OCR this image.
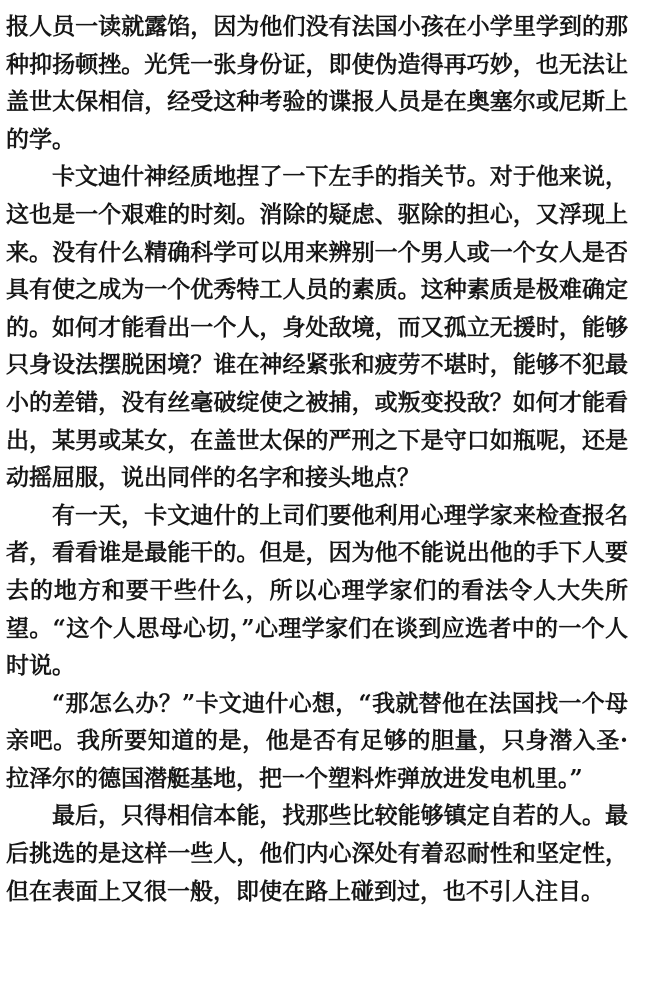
报人员一读就露馅，因为他们没有法国小孩在小学里学到的那种抑扬顿挫。光凭一张身份证，即使伪造得再巧妙，也无法让盖世太保相信，经受这种考验的谍报人员是在奥塞尔或尼斯上的学。

卡文迪什神经质地捏了一下左手的指关节。对于他来说，这也是一个艰难的时刻。消除的疑虑、驱除的担心，又浮现上来。没有什么精确科学可以用来辨别一个男人或一个女人是否具有使之成为一个优秀特工人员的素质。这种素质是极难确定的。如何才能看出一个人，身处敌境，而又孤立无援时，能够只身设法摆脱困境？谁在神经紧张和疲劳不堪时，能够不犯最小的差错，没有丝毫破绽使之被捕，或叛变投敌？如何才能看出，某男或某女，在盖世太保的严刑之下是守口如瓶呢，还是动摇屈服，说出同伴的名字和接头地点？

有一天，卡文迪什的上司们要他利用心理学家来检查报名者，看看谁是最能干的。但是，因为他不能说出他的手下人要去的地方和要干些什么，所以心理学家们的看法令人大失所望。“这个人思母心切，”心理学家们在谈到应选者中的一个人时说。

“那怎么办？”卡文迪什心想，“我就替他在法国找一个母亲吧。我所要知道的是，他是否有足够的胆量，只身潜入圣·拉泽尔的德国潜艇基地，把一个塑料炸弹放进发电机里。”

最后，只得相信本能，找那些比较能够镇定自若的人。最后挑选的是这样一些人，他们内心深处有着忍耐性和坚定性，但在表面上又很一般，即使在路上碰到过，也不引人注目。
